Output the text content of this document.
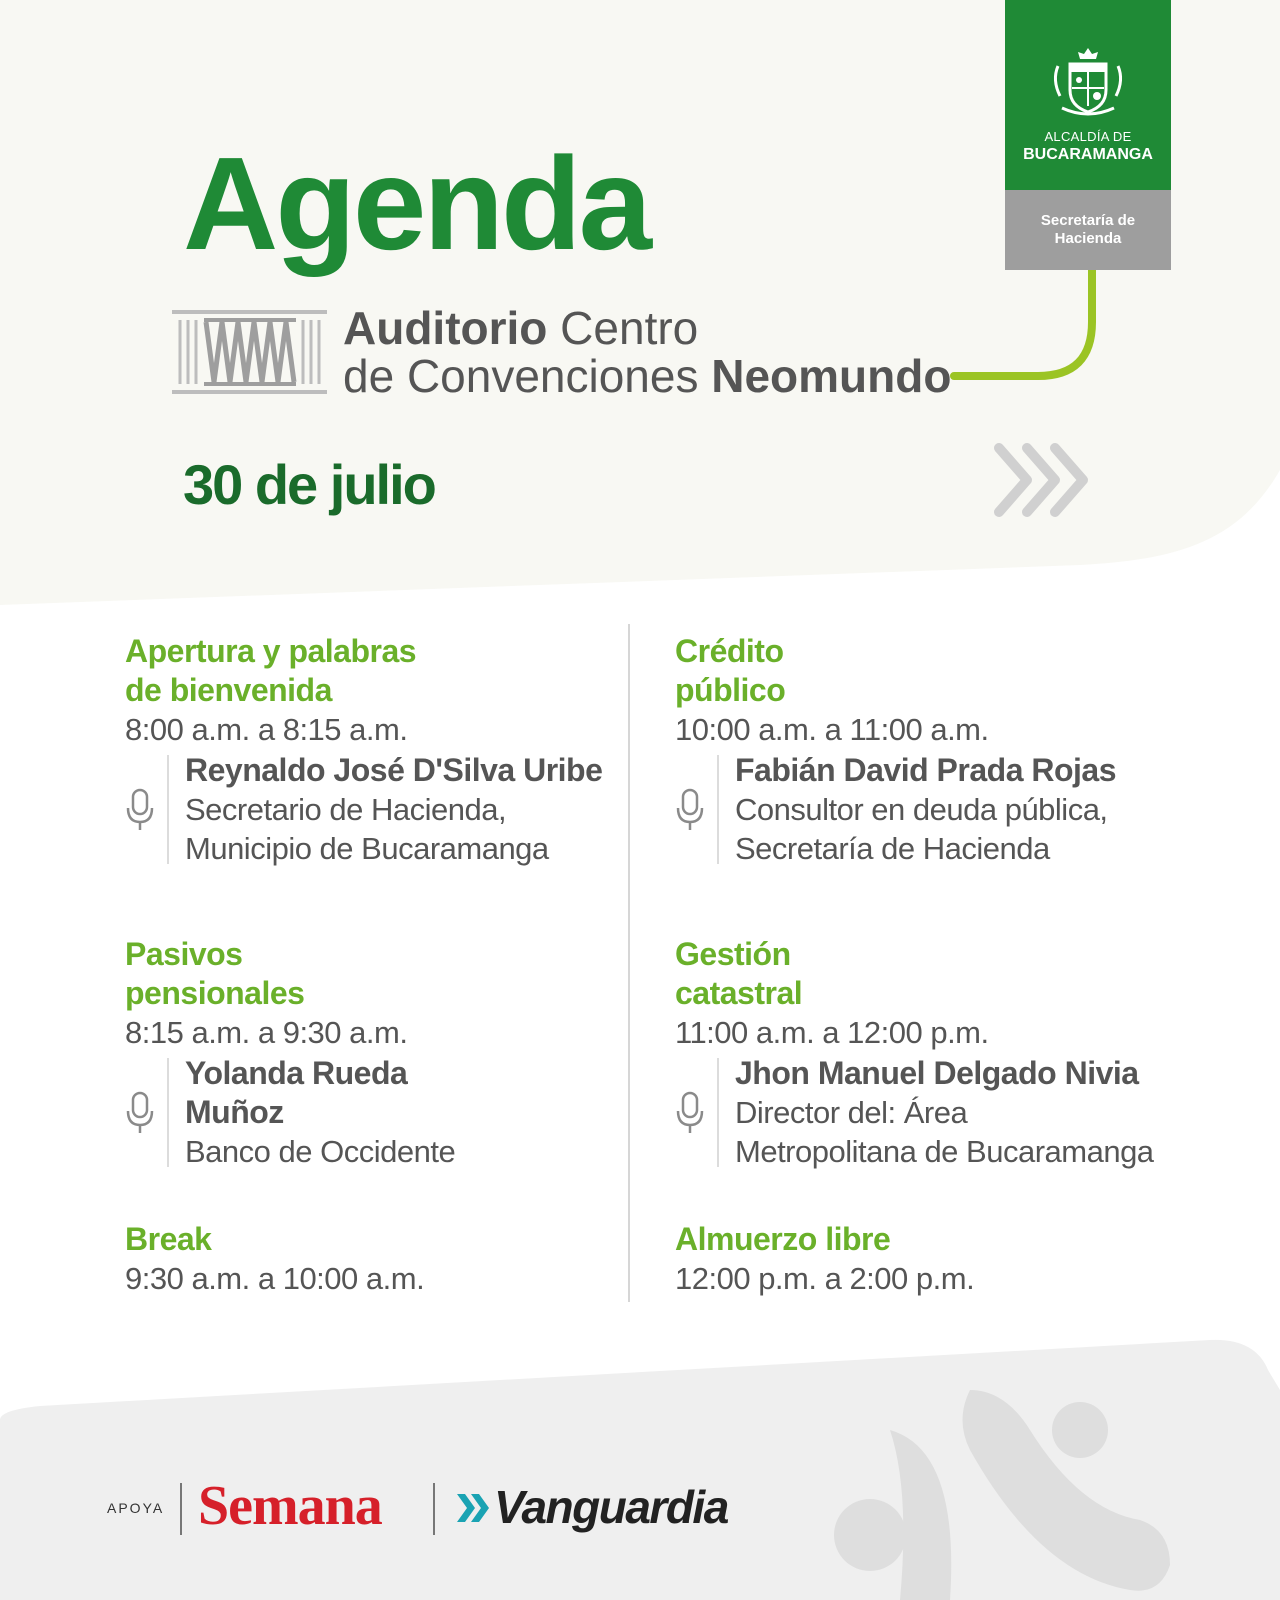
ALCALDÍA DE
BUCARAMANGA
Secretaría de
Hacienda
Agenda
Auditorio Centro
de Convenciones Neomundo
30 de julio
Apertura y palabras
de bienvenida
8:00 a.m. a 8:15 a.m.
Reynaldo José D'Silva Uribe
Secretario de Hacienda,
Municipio de Bucaramanga
Pasivos
pensionales
8:15 a.m. a 9:30 a.m.
Yolanda Rueda
Muñoz
Banco de Occidente
Break
9:30 a.m. a 10:00 a.m.
Crédito
público
10:00 a.m. a 11:00 a.m.
Fabián David Prada Rojas
Consultor en deuda pública,
Secretaría de Hacienda
Gestión
catastral
11:00 a.m. a 12:00 p.m.
Jhon Manuel Delgado Nivia
Director del: Área
Metropolitana de Bucaramanga
Almuerzo libre
12:00 p.m. a 2:00 p.m.
APOYA Semana Vanguardia
